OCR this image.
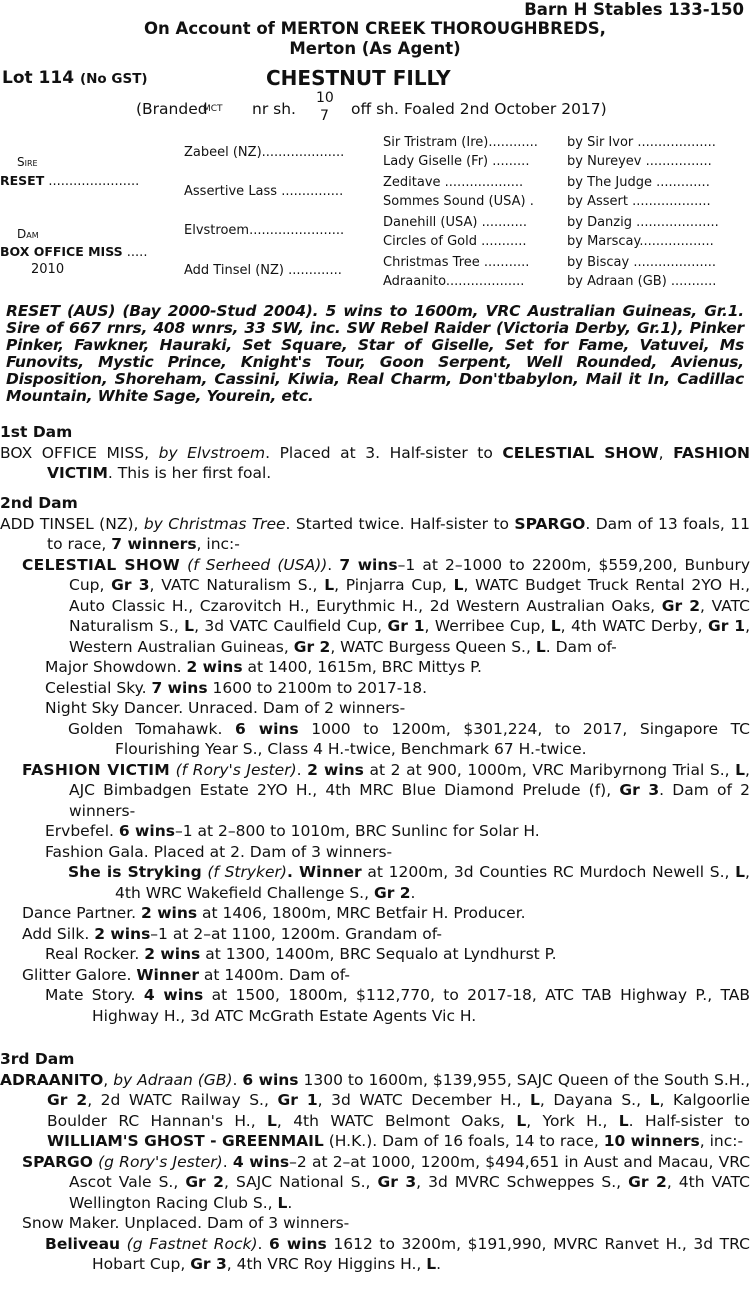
Barn H Stables 133-150
On Account of MERTON CREEK THOROUGHBREDS,
Merton (As Agent)
Lot 114 (No GST)	CHESTNUT FILLY
(Branded
MCT nr sh.
10
7 off sh. Foaled 2nd October 2017)
Sire
RESET ......................
Dam
BOX OFFICE MISS .....
2010
Zabeel (NZ)....................
Assertive Lass ...............
Elvstroem.......................
Add Tinsel (NZ) .............
Sir Tristram (Ire)............
Lady Giselle (Fr) .........
Zeditave ...................
Sommes Sound (USA) .
Danehill (USA) ...........
Circles of Gold ...........
Christmas Tree ...........
Adraanito...................
by Sir Ivor ...................
by Nureyev ................
by The Judge .............
by Assert ...................
by Danzig ....................
by Marscay..................
by Biscay ....................
by Adraan (GB) ...........
RESET (AUS) (Bay 2000-Stud 2004). 5 wins to 1600m, VRC Australian Guineas, Gr.1. Sire of 667 rnrs, 408 wnrs, 33 SW, inc. SW Rebel Raider (Victoria Derby, Gr.1), Pinker Pinker, Fawkner, Hauraki, Set Square, Star of Giselle, Set for Fame, Vatuvei, Ms Funovits, Mystic Prince, Knight's Tour, Goon Serpent, Well Rounded, Avienus, Disposition, Shoreham, Cassini, Kiwia, Real Charm, Don'tbabylon, Mail it In, Cadillac Mountain, White Sage, Yourein, etc.

1st Dam

BOX OFFICE MISS, by Elvstroem. Placed at 3. Half-sister to CELESTIAL SHOW, FASHION VICTIM. This is her first foal.

2nd Dam

ADD TINSEL (NZ), by Christmas Tree. Started twice. Half-sister to SPARGO. Dam of 13 foals, 11 to race, 7 winners, inc:-

CELESTIAL SHOW (f Serheed (USA)). 7 wins–1 at 2–1000 to 2200m, $559,200, Bunbury Cup, Gr 3, VATC Naturalism S., L, Pinjarra Cup, L, WATC Budget Truck Rental 2YO H., Auto Classic H., Czarovitch H., Eurythmic H., 2d Western Australian Oaks, Gr 2, VATC Naturalism S., L, 3d VATC Caulfield Cup, Gr 1, Werribee Cup, L, 4th WATC Derby, Gr 1, Western Australian Guineas, Gr 2, WATC Burgess Queen S., L. Dam of-

Major Showdown. 2 wins at 1400, 1615m, BRC Mittys P.

Celestial Sky. 7 wins 1600 to 2100m to 2017-18.

Night Sky Dancer. Unraced. Dam of 2 winners-

Golden Tomahawk. 6 wins 1000 to 1200m, $301,224, to 2017, Singapore TC Flourishing Year S., Class 4 H.-twice, Benchmark 67 H.-twice.

FASHION VICTIM (f Rory's Jester). 2 wins at 2 at 900, 1000m, VRC Maribyrnong Trial S., L, AJC Bimbadgen Estate 2YO H., 4th MRC Blue Diamond Prelude (f), Gr 3. Dam of 2 winners-

Ervbefel. 6 wins–1 at 2–800 to 1010m, BRC Sunlinc for Solar H.

Fashion Gala. Placed at 2. Dam of 3 winners-

She is Stryking (f Stryker). Winner at 1200m, 3d Counties RC Murdoch Newell S., L, 4th WRC Wakefield Challenge S., Gr 2.

Dance Partner. 2 wins at 1406, 1800m, MRC Betfair H. Producer.

Add Silk. 2 wins–1 at 2–at 1100, 1200m. Grandam of-

Real Rocker. 2 wins at 1300, 1400m, BRC Sequalo at Lyndhurst P.

Glitter Galore. Winner at 1400m. Dam of-

Mate Story. 4 wins at 1500, 1800m, $112,770, to 2017-18, ATC TAB Highway P., TAB Highway H., 3d ATC McGrath Estate Agents Vic H.

3rd Dam

ADRAANITO, by Adraan (GB). 6 wins 1300 to 1600m, $139,955, SAJC Queen of the South S.H., Gr 2, 2d WATC Railway S., Gr 1, 3d WATC December H., L, Dayana S., L, Kalgoorlie Boulder RC Hannan's H., L, 4th WATC Belmont Oaks, L, York H., L. Half-sister to WILLIAM'S GHOST - GREENMAIL (H.K.). Dam of 16 foals, 14 to race, 10 winners, inc:-

SPARGO (g Rory's Jester). 4 wins–2 at 2–at 1000, 1200m, $494,651 in Aust and Macau, VRC Ascot Vale S., Gr 2, SAJC National S., Gr 3, 3d MVRC Schweppes S., Gr 2, 4th VATC Wellington Racing Club S., L.

Snow Maker. Unplaced. Dam of 3 winners-

Beliveau (g Fastnet Rock). 6 wins 1612 to 3200m, $191,990, MVRC Ranvet H., 3d TRC Hobart Cup, Gr 3, 4th VRC Roy Higgins H., L.
